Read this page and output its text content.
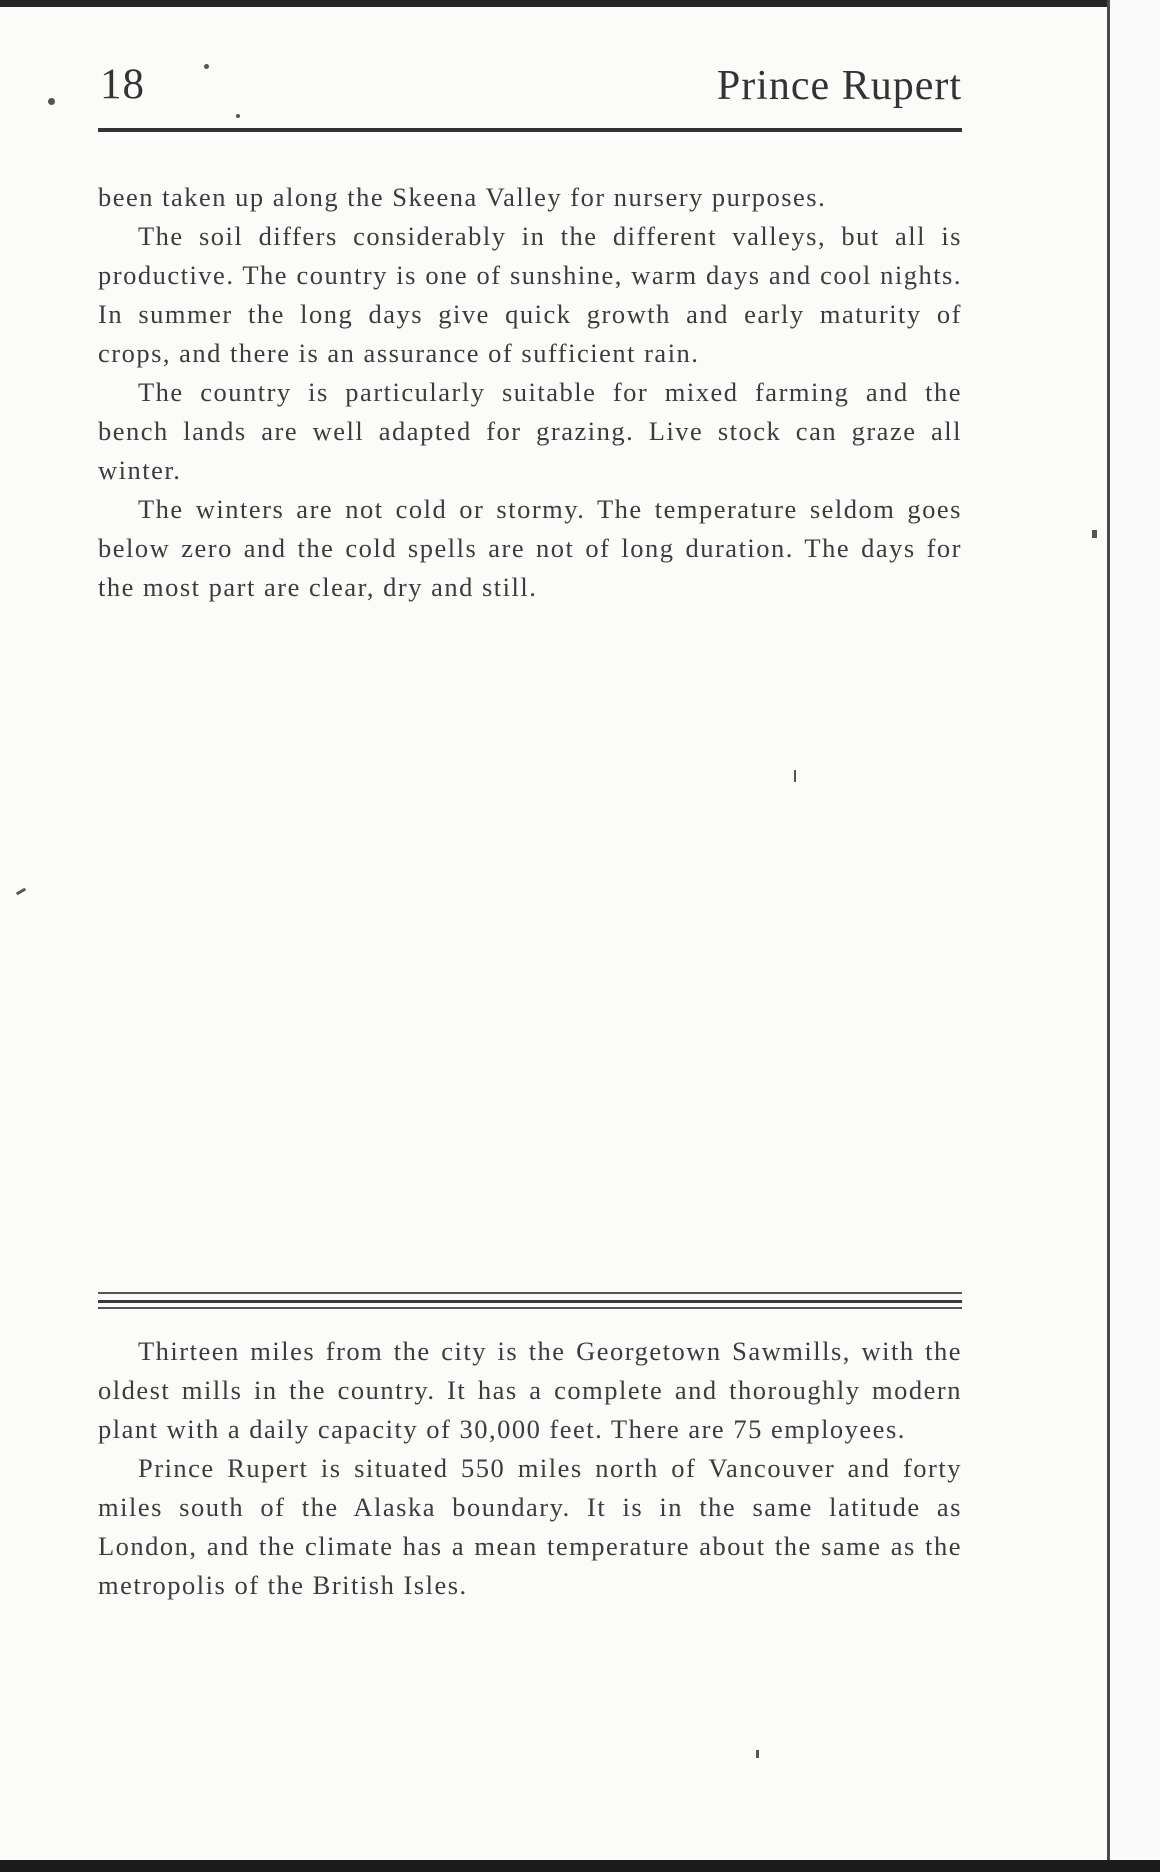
18	Prince Rupert

been taken up along the Skeena Valley for nursery purposes.

The soil differs considerably in the different valleys, but all is productive. The country is one of sunshine, warm days and cool nights. In summer the long days give quick growth and early maturity of crops, and there is an assurance of sufficient rain.

The country is particularly suitable for mixed farming and the bench lands are well adapted for grazing. Live stock can graze all winter.

The winters are not cold or stormy. The temperature seldom goes below zero and the cold spells are not of long duration. The days for the most part are clear, dry and still.

Thirteen miles from the city is the Georgetown Sawmills, with the oldest mills in the country. It has a complete and thoroughly modern plant with a daily capacity of 30,000 feet. There are 75 employees.

Prince Rupert is situated 550 miles north of Vancouver and forty miles south of the Alaska boundary. It is in the same latitude as London, and the climate has a mean temperature about the same as the metropolis of the British Isles.
